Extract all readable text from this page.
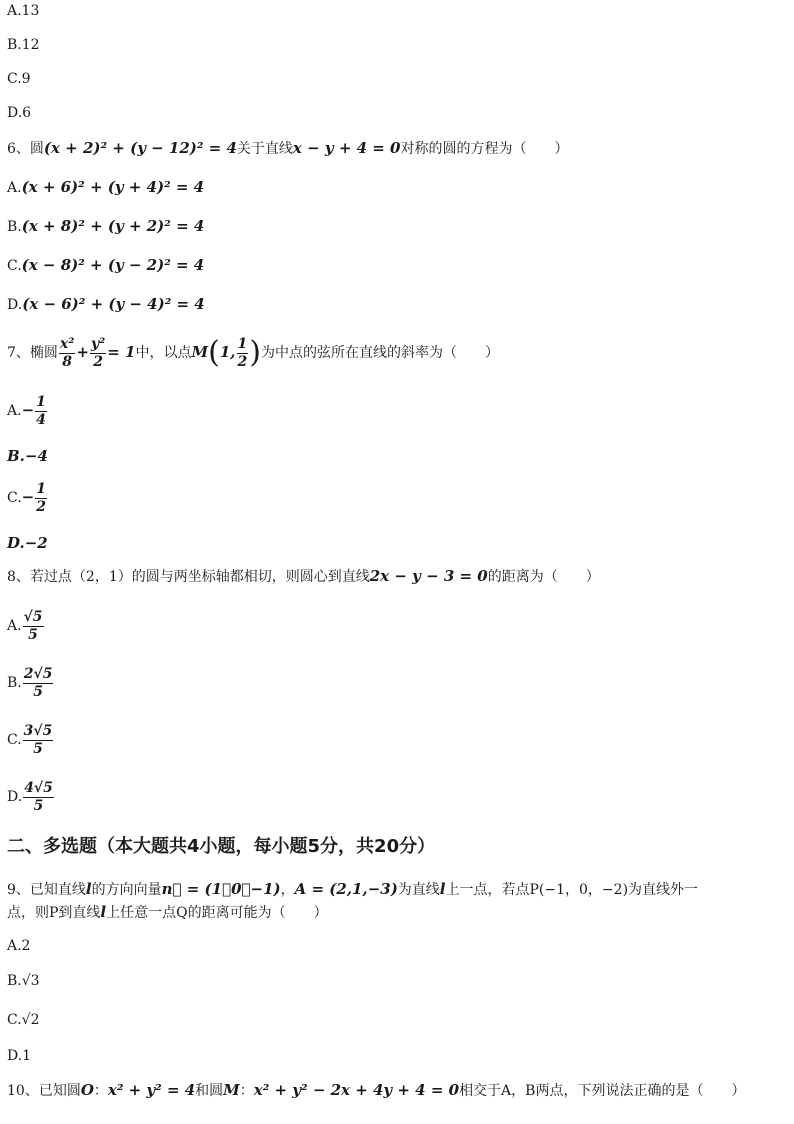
A.13
B.12
C.9
D.6
6、圆(x + 2)² + (y − 12)² = 4关于直线x − y + 4 = 0对称的圆的方程为（　　）
A.(x + 6)² + (y + 4)² = 4
B.(x + 8)² + (y + 2)² = 4
C.(x − 8)² + (y − 2)² = 4
D.(x − 6)² + (y − 4)² = 4
7、椭圆 $\frac{\text{x²}}{8} + \frac{\text{y²}}{2} = 1$中，以点M(1, $\frac{1}{2}$ )为中点的弦所在直线的斜率为（　　）
$A.- \frac{1}{4}$
B.−4
$C.- \frac{1}{2}$
D.−2
8、若过点（2，1）的圆与两坐标轴都相切，则圆心到直线2x − y − 3 = 0的距离为（　　）
A. $\frac{√5}{5}$
B. $\frac{2√5}{5}$
C. $\frac{3√5}{5}$
D. $\frac{4√5}{5}$
二、多选题（本大题共4小题，每小题5分，共20分）
9、已知直线l的方向向量n⃗ = (1，0，−1)，A = (2,1,−3)为直线l上一点，若点P(−1，0，−2)为直线外一
点，则P到直线l上任意一点Q的距离可能为（　　）
A.2
B.√3
C.√2
D.1
10、已知圆O：x² + y² = 4和圆M：x² + y² − 2x + 4y + 4 = 0相交于A，B两点，下列说法正确的是（　　）
